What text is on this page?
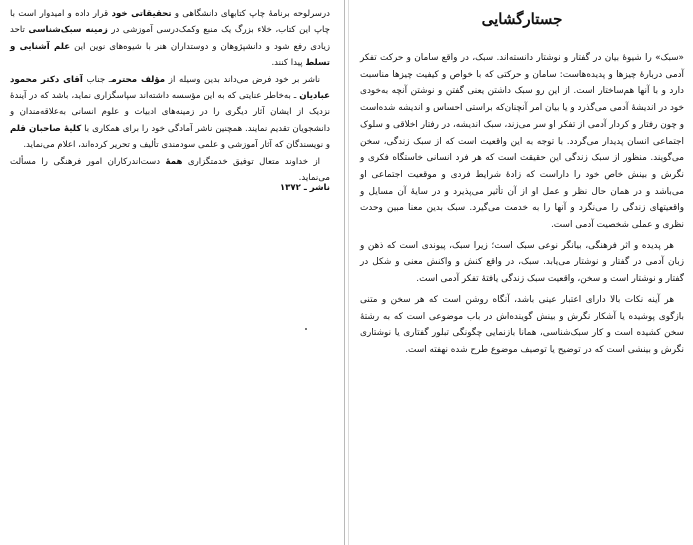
درسرلوحه برنامهٔ چاپ کتابهای دانشگاهی و تحقیقاتی خود قرار داده و امیدوار است با چاپ این کتاب، خلاء بزرگ یک منبع وکمک‌درسی آموزشی در زمینه سبک‌شناسی تاحد زیادی رفع شود و دانشپژوهان و دوستداران هنر با شیوه‌های نوین این علم آشنایی و تسلط پیدا کنند.

ناشر بر خود فرض می‌داند بدین وسیله از مؤلف محترمـ جناب آقای دکتر محمود عبادیان ـ به‌خاطر عنایتی که به این مؤسسه داشته‌اند سپاسگزاری نماید، باشد که در آیندهٔ نزدیک از ایشان آثار دیگری را در زمینه‌های ادبیات و علوم انسانی به‌علاقه‌مندان و دانشجویان تقدیم نمایند. همچنین ناشر آمادگی خود را برای همکاری با کلیهٔ صاحبان قلم و نویسندگان که آثار آموزشی و علمی سودمندی تألیف و تحریر کرده‌اند، اعلام می‌نماید.

از خداوند متعال توفیق خدمتگزاری همهٔ دست‌اندرکاران امور فرهنگی را مسألت می‌نماید.

ناشر ـ ۱۳۷۲
جستارگشایی

«سبک» را شیوهٔ بیان در گفتار و نوشتار دانسته‌اند. سبک، در واقع سامان و حرکت تفکر آدمی دربارهٔ چیزها و پدیده‌هاست: سامان و حرکتی که با خواص و کیفیت چیزها مناسبت دارد و با آنها هم‌ساختار است. از این رو سبک داشتن یعنی گفتن و نوشتن آنچه به‌خودی خود در اندیشهٔ آدمی می‌گذرد و یا بیان امر آنچنان‌که براستی احساس و اندیشه شده‌است و چون رفتار و کردار آدمی از تفکر او سر می‌زند، سبک اندیشه، در رفتار اخلاقی و سلوک اجتماعی انسان پدیدار می‌گردد. با توجه به این واقعیت است که از سبک زندگی، سخن می‌گویند. منظور از سبک زندگی این حقیقت است که هر فرد انسانی خاستگاه فکری و نگرش و بینش خاص خود را داراست که زادهٔ شرایط فردی و موقعیت اجتماعی او می‌باشد و در همان حال نظر و عمل او از آن تأثیر می‌پذیرد و در سایهٔ آن مسایل و واقعیتهای زندگی را می‌نگرد و آنها را به خدمت می‌گیرد. سبک بدین معنا مبین وحدت نظری و عملی شخصیت آدمی است.

هر پدیده و اثر فرهنگی، بیانگر نوعی سبک است؛ زیرا سبک، پیوندی است که ذهن و زبان آدمی در گفتار و نوشتار می‌یابد. سبک، در واقع کنش و واکنش معنی و شکل در گفتار و نوشتار است و سخن، واقعیت سبک زندگی یافتهٔ تفکر آدمی است.

هر آینه نکات بالا دارای اعتبار عینی باشد، آنگاه روشن است که هر سخن و متنی بازگوی پوشیده یا آشکار نگرش و بینش گوینده‌اش در باب موضوعی است که به رشتهٔ سخن کشیده است و کار سبک‌شناسی، همانا بازنمایی چگونگی تبلور گفتاری یا نوشتاری نگرش و بینشی است که در توضیح یا توصیف موضوع طرح شده نهفته است.
